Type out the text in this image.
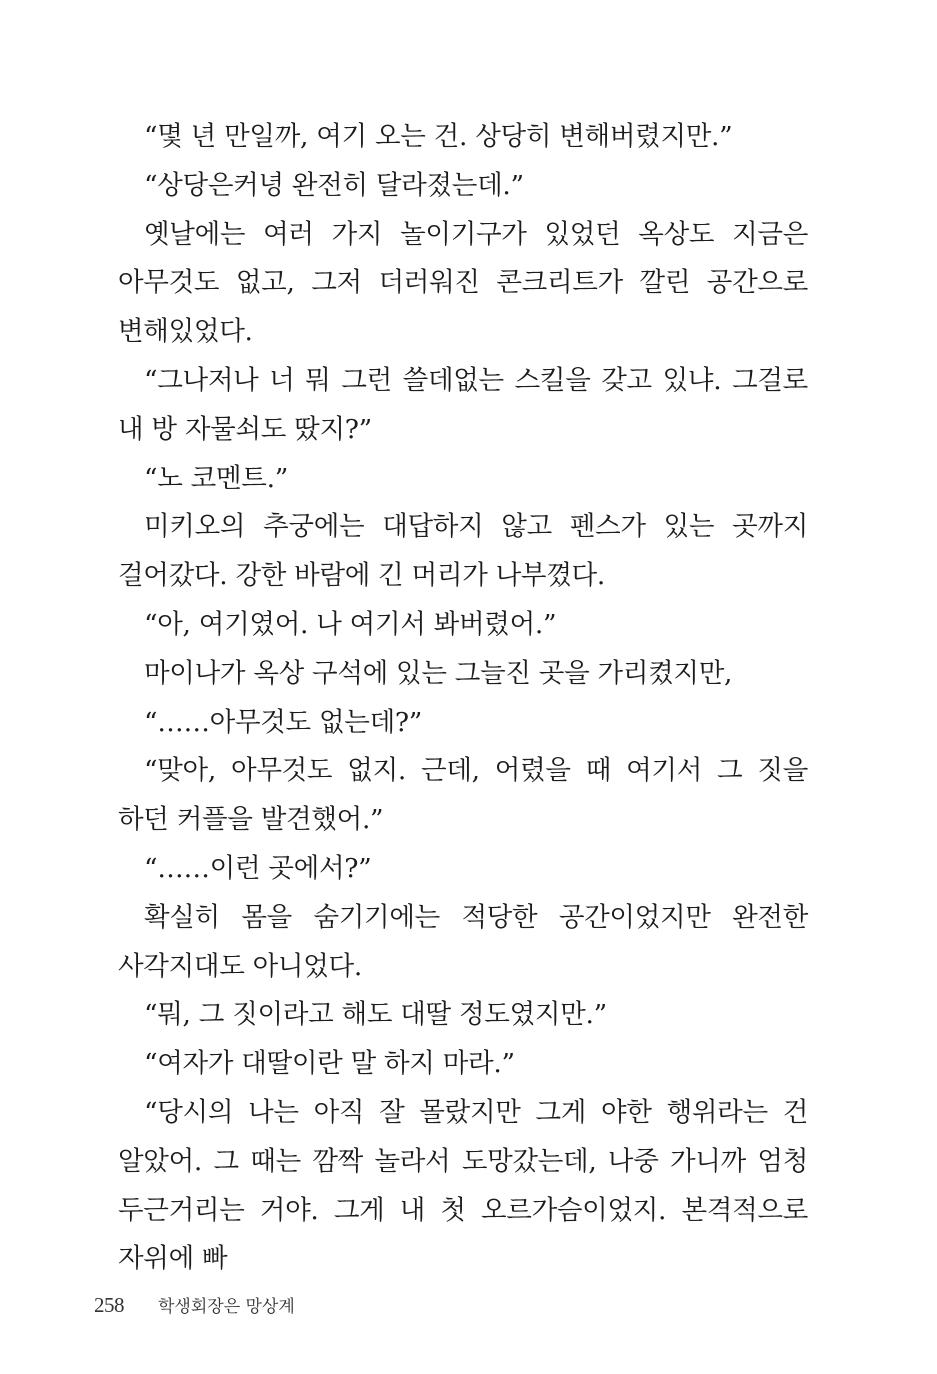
“몇 년 만일까, 여기 오는 건. 상당히 변해버렸지만.”

“상당은커녕 완전히 달라졌는데.”

옛날에는 여러 가지 놀이기구가 있었던 옥상도 지금은 아무것도 없고, 그저 더러워진 콘크리트가 깔린 공간으로 변해있었다.

“그나저나 너 뭐 그런 쓸데없는 스킬을 갖고 있냐. 그걸로 내 방 자물쇠도 땄지?”

“노 코멘트.”

미키오의 추궁에는 대답하지 않고 펜스가 있는 곳까지 걸어갔다. 강한 바람에 긴 머리가 나부꼈다.

“아, 여기였어. 나 여기서 봐버렸어.”

마이나가 옥상 구석에 있는 그늘진 곳을 가리켰지만,

“……아무것도 없는데?”

“맞아, 아무것도 없지. 근데, 어렸을 때 여기서 그 짓을 하던 커플을 발견했어.”

“……이런 곳에서?”

확실히 몸을 숨기기에는 적당한 공간이었지만 완전한 사각지대도 아니었다.

“뭐, 그 짓이라고 해도 대딸 정도였지만.”

“여자가 대딸이란 말 하지 마라.”

“당시의 나는 아직 잘 몰랐지만 그게 야한 행위라는 건 알았어. 그 때는 깜짝 놀라서 도망갔는데, 나중 가니까 엄청 두근거리는 거야. 그게 내 첫 오르가슴이었지. 본격적으로 자위에 빠

258 학생회장은 망상계
